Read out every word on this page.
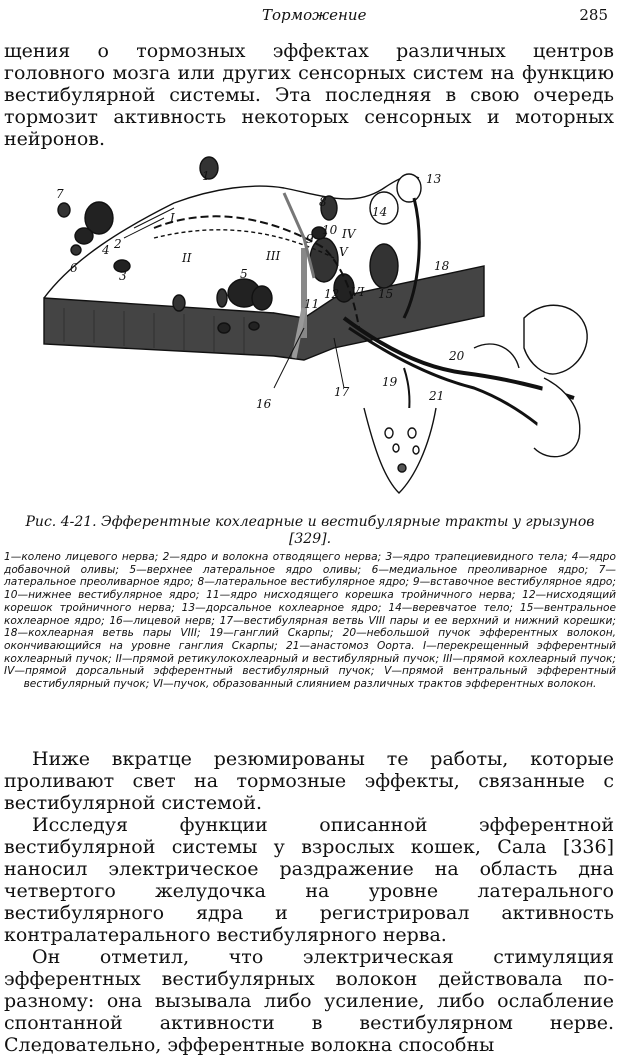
Торможение	285

щения о тормозных эффектах различных центров головного мозга или других сенсорных систем на функцию вестибулярной системы. Эта последняя в свою очередь тормозит активность некоторых сенсорных и моторных нейронов.

1
2
3
4
5
6
7
8
9
10
11
12
13
14
15
16
17
18
19
20
21
I
II	III
IV
V
VI
Рис. 4-21. Эфферентные кохлеарные и вестибулярные тракты у грызунов [329].
1—колено лицевого нерва; 2—ядро и волокна отводящего нерва; 3—ядро трапециевидного тела; 4—ядро добавочной оливы; 5—верхнее латеральное ядро оливы; 6—медиальное преоливарное ядро; 7—латеральное преоливарное ядро; 8—латеральное вестибулярное ядро; 9—вставочное вестибулярное ядро; 10—нижнее вестибулярное ядро; 11—ядро нисходящего корешка тройничного нерва; 12—нисходящий корешок тройничного нерва; 13—дорсальное кохлеарное ядро; 14—веревчатое тело; 15—вентральное кохлеарное ядро; 16—лицевой нерв; 17—вестибулярная ветвь VIII пары и ее верхний и нижний корешки; 18—кохлеарная ветвь пары VIII; 19—ганглий Скарпы; 20—небольшой пучок эфферентных волокон, окончивающийся на уровне ганглия Скарпы; 21—анастомоз Оорта. I—перекрещенный эфферентный кохлеарный пучок; II—прямой ретикулокохлеарный и вестибулярный пучок; III—прямой кохлеарный пучок; IV—прямой дорсальный эфферентный вестибулярный пучок; V—прямой вентральный эфферентный вестибулярный пучок; VI—пучок, образованный слиянием различных трактов эфферентных волокон.

Ниже вкратце резюмированы те работы, которые проливают свет на тормозные эффекты, связанные с вестибулярной системой.

Исследуя функции описанной эфферентной вестибулярной системы у взрослых кошек, Сала [336] наносил электрическое раздражение на область дна четвертого желудочка на уровне латерального вестибулярного ядра и регистрировал активность контралатерального вестибулярного нерва.

Он отметил, что электрическая стимуляция эфферентных вестибулярных волокон действовала по-разному: она вызывала либо усиление, либо ослабление спонтанной активности в вестибулярном нерве. Следовательно, эфферентные волокна способны
